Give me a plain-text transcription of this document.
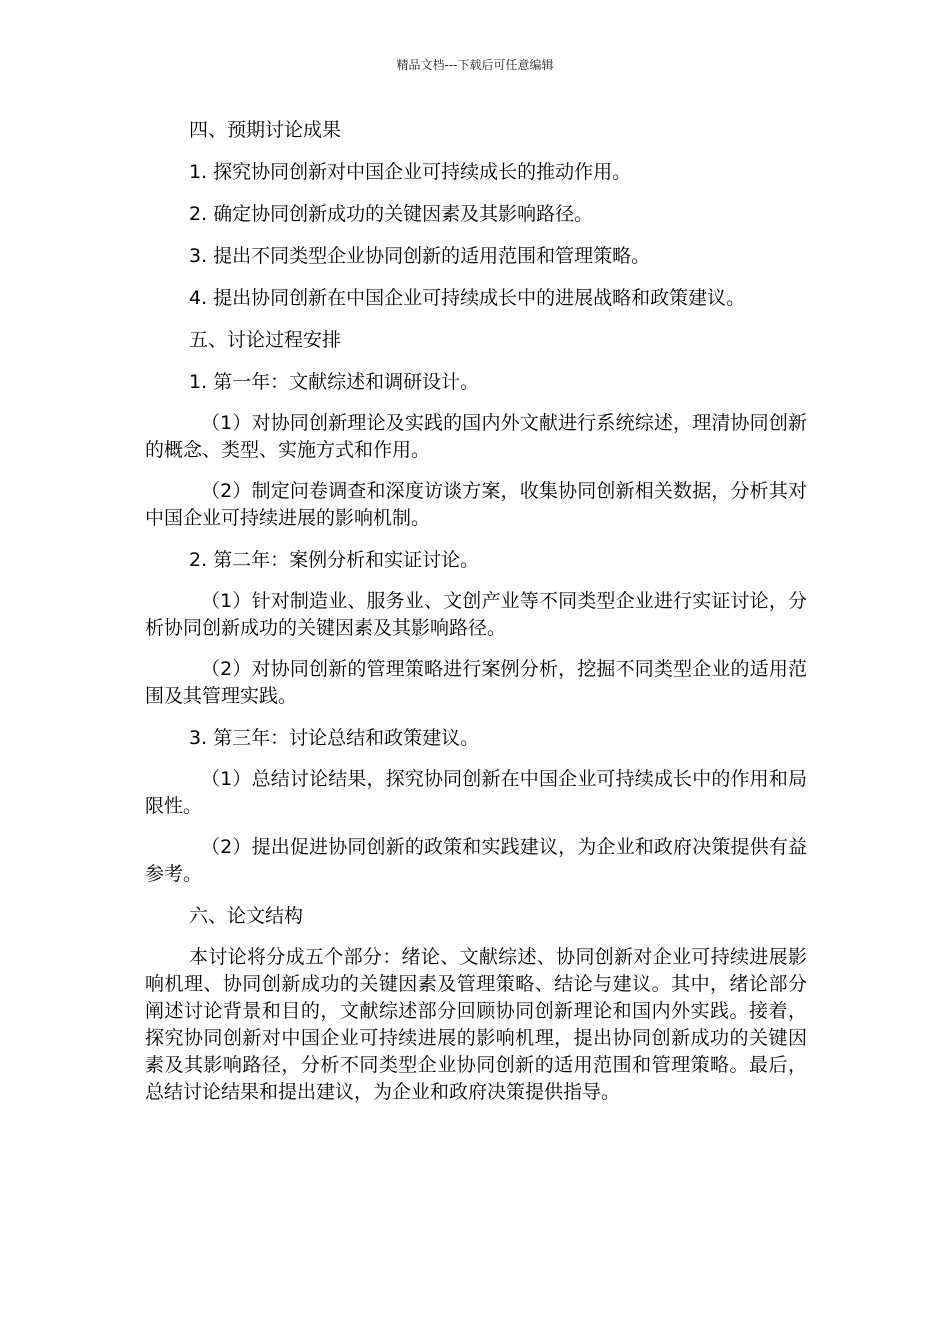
精品文档---下载后可任意编辑
四、预期讨论成果
1. 探究协同创新对中国企业可持续成长的推动作用。
2. 确定协同创新成功的关键因素及其影响路径。
3. 提出不同类型企业协同创新的适用范围和管理策略。
4. 提出协同创新在中国企业可持续成长中的进展战略和政策建议。
五、讨论过程安排
1. 第一年：文献综述和调研设计。
（1）对协同创新理论及实践的国内外文献进行系统综述，理清协同创新的概念、类型、实施方式和作用。
（2）制定问卷调查和深度访谈方案，收集协同创新相关数据，分析其对中国企业可持续进展的影响机制。
2. 第二年：案例分析和实证讨论。
（1）针对制造业、服务业、文创产业等不同类型企业进行实证讨论，分析协同创新成功的关键因素及其影响路径。
（2）对协同创新的管理策略进行案例分析，挖掘不同类型企业的适用范围及其管理实践。
3. 第三年：讨论总结和政策建议。
（1）总结讨论结果，探究协同创新在中国企业可持续成长中的作用和局限性。
（2）提出促进协同创新的政策和实践建议，为企业和政府决策提供有益参考。
六、论文结构
本讨论将分成五个部分：绪论、文献综述、协同创新对企业可持续进展影响机理、协同创新成功的关键因素及管理策略、结论与建议。其中，绪论部分阐述讨论背景和目的，文献综述部分回顾协同创新理论和国内外实践。接着，探究协同创新对中国企业可持续进展的影响机理，提出协同创新成功的关键因素及其影响路径，分析不同类型企业协同创新的适用范围和管理策略。最后，总结讨论结果和提出建议，为企业和政府决策提供指导。
